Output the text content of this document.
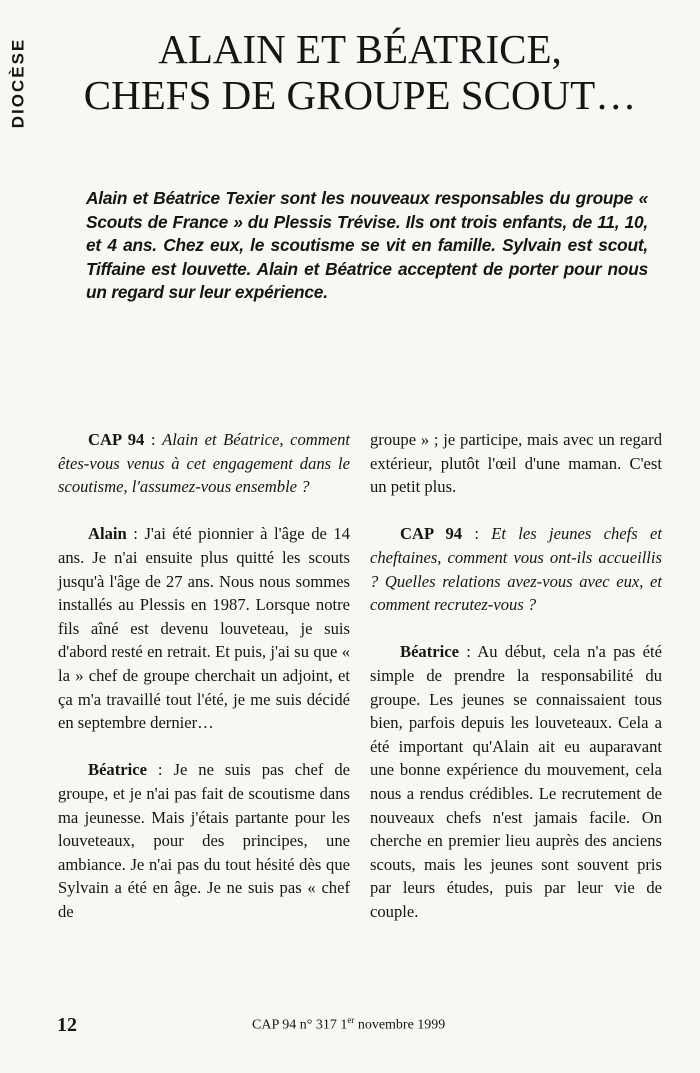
DIOCÈSE	ALAIN ET BÉATRICE,
CHEFS DE GROUPE SCOUT…

Alain et Béatrice Texier sont les nouveaux responsables du groupe « Scouts de France » du Plessis Trévise. Ils ont trois enfants, de 11, 10, et 4 ans. Chez eux, le scoutisme se vit en famille. Sylvain est scout, Tiffaine est louvette. Alain et Béatrice acceptent de porter pour nous un regard sur leur expérience.

CAP 94 : Alain et Béatrice, comment êtes-vous venus à cet engagement dans le scoutisme, l'assumez-vous ensemble ?

Alain : J'ai été pionnier à l'âge de 14 ans. Je n'ai ensuite plus quitté les scouts jusqu'à l'âge de 27 ans. Nous nous sommes installés au Plessis en 1987. Lorsque notre fils aîné est devenu louveteau, je suis d'abord resté en retrait. Et puis, j'ai su que « la » chef de groupe cherchait un adjoint, et ça m'a travaillé tout l'été, je me suis décidé en septembre dernier…

Béatrice : Je ne suis pas chef de groupe, et je n'ai pas fait de scoutisme dans ma jeunesse. Mais j'étais partante pour les louveteaux, pour des principes, une ambiance. Je n'ai pas du tout hésité dès que Sylvain a été en âge. Je ne suis pas « chef de

groupe » ; je participe, mais avec un regard extérieur, plutôt l'œil d'une maman. C'est un petit plus.

CAP 94 : Et les jeunes chefs et cheftaines, comment vous ont-ils accueillis ? Quelles relations avez-vous avec eux, et comment recrutez-vous ?

Béatrice : Au début, cela n'a pas été simple de prendre la responsabilité du groupe. Les jeunes se connaissaient tous bien, parfois depuis les louveteaux. Cela a été important qu'Alain ait eu auparavant une bonne expérience du mouvement, cela nous a rendus crédibles. Le recrutement de nouveaux chefs n'est jamais facile. On cherche en premier lieu auprès des anciens scouts, mais les jeunes sont souvent pris par leurs études, puis par leur vie de couple.

12	CAP 94 n° 317 1er novembre 1999
